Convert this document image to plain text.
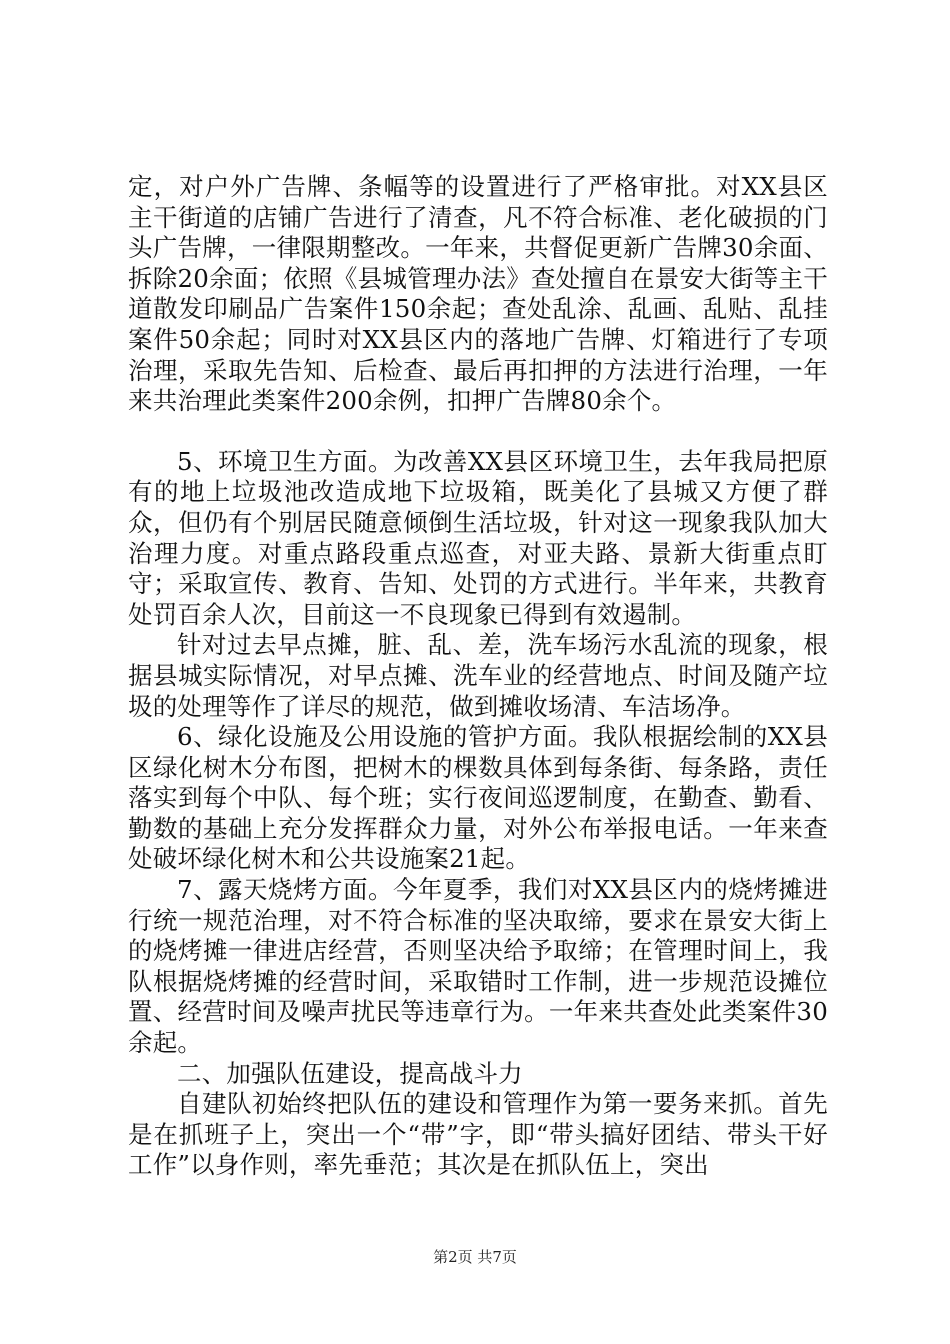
定，对户外广告牌、条幅等的设置进行了严格审批。对XX县区主干街道的店铺广告进行了清查，凡不符合标准、老化破损的门头广告牌，一律限期整改。一年来，共督促更新广告牌30余面、拆除20余面；依照《县城管理办法》查处擅自在景安大街等主干道散发印刷品广告案件150余起；查处乱涂、乱画、乱贴、乱挂案件50余起；同时对XX县区内的落地广告牌、灯箱进行了专项治理，采取先告知、后检查、最后再扣押的方法进行治理，一年来共治理此类案件200余例，扣押广告牌80余个。

5、环境卫生方面。为改善XX县区环境卫生，去年我局把原有的地上垃圾池改造成地下垃圾箱，既美化了县城又方便了群众，但仍有个别居民随意倾倒生活垃圾，针对这一现象我队加大治理力度。对重点路段重点巡查，对亚夫路、景新大街重点盯守；采取宣传、教育、告知、处罚的方式进行。半年来，共教育处罚百余人次，目前这一不良现象已得到有效遏制。

针对过去早点摊，脏、乱、差，洗车场污水乱流的现象，根据县城实际情况，对早点摊、洗车业的经营地点、时间及随产垃圾的处理等作了详尽的规范，做到摊收场清、车洁场净。

6、绿化设施及公用设施的管护方面。我队根据绘制的XX县区绿化树木分布图，把树木的棵数具体到每条街、每条路，责任落实到每个中队、每个班；实行夜间巡逻制度，在勤查、勤看、勤数的基础上充分发挥群众力量，对外公布举报电话。一年来查处破坏绿化树木和公共设施案21起。

7、露天烧烤方面。今年夏季，我们对XX县区内的烧烤摊进行统一规范治理，对不符合标准的坚决取缔，要求在景安大街上的烧烤摊一律进店经营，否则坚决给予取缔；在管理时间上，我队根据烧烤摊的经营时间，采取错时工作制，进一步规范设摊位置、经营时间及噪声扰民等违章行为。一年来共查处此类案件30余起。

二、加强队伍建设，提高战斗力

自建队初始终把队伍的建设和管理作为第一要务来抓。首先是在抓班子上，突出一个“带”字，即“带头搞好团结、带头干好工作”以身作则，率先垂范；其次是在抓队伍上，突出

第2页 共7页
